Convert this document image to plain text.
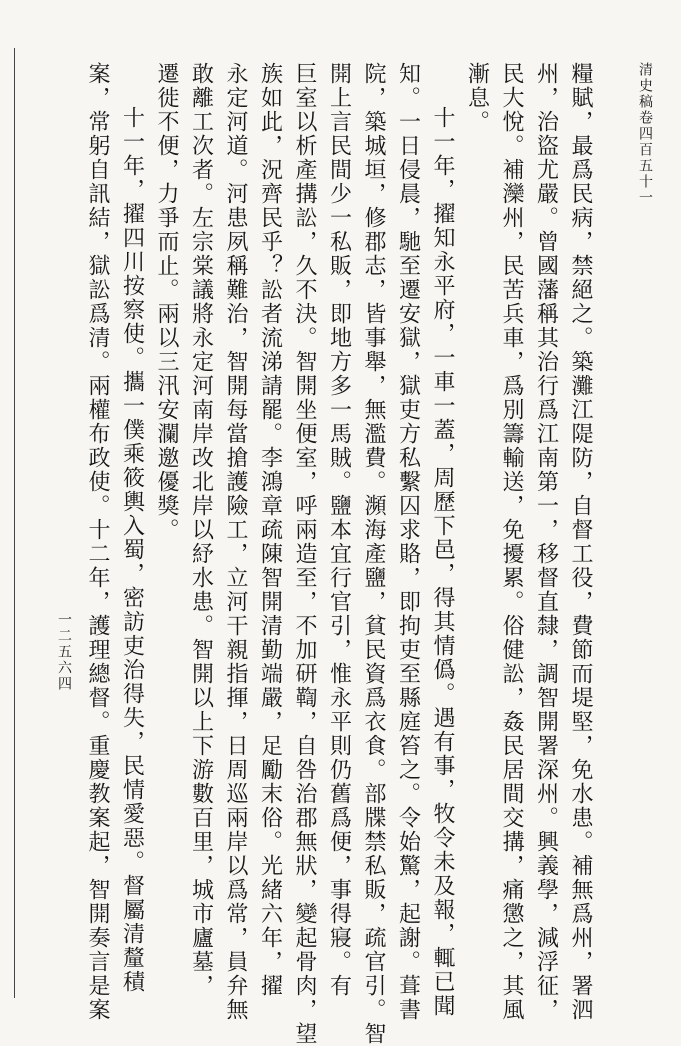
清史稿卷四百五十一
一二五六四	糧賦，最爲民病，禁絕之。築灘江隄防，自督工役，費節而堤堅，免水患。補無爲州，署泗
州，治盜尤嚴。曾國藩稱其治行爲江南第一，移督直隸，調智開署深州。興義學，減浮征，
民大悅。補灤州，民苦兵車，爲別籌輸送，免擾累。俗健訟，姦民居間交搆，痛懲之，其風
漸息。
十一年，擢知永平府，一車一蓋，周歷下邑，得其情僞。遇有事，牧令未及報，輒已聞
知。一日侵晨，馳至遷安獄，獄吏方私繫囚求賂，即拘吏至縣庭笞之。令始驚，起謝。葺書
院，築城垣，修郡志，皆事舉，無濫費。瀕海產鹽，貧民資爲衣食。部牒禁私販，疏官引。智
開上言民間少一私販，即地方多一馬賊。鹽本宜行官引，惟永平則仍舊爲便，事得寢。有
巨室以析產搆訟，久不決。智開坐便室，呼兩造至，不加研鞫，自咎治郡無狀，變起骨肉，望
族如此，況齊民乎？訟者流涕請罷。李鴻章疏陳智開清勤端嚴，足勵末俗。光緒六年，擢
永定河道。河患夙稱難治，智開每當搶護險工，立河干親指揮，日周巡兩岸以爲常，員弁無
敢離工次者。左宗棠議將永定河南岸改北岸以紓水患。智開以上下游數百里，城市廬墓，
遷徙不便，力爭而止。兩以三汛安瀾邀優獎。
十一年，擢四川按察使。攜一僕乘筱輿入蜀，密訪吏治得失，民情愛惡。督屬清釐積
案，常躬自訊結，獄訟爲清。兩權布政使。十二年，護理總督。重慶教案起，智開奏言是案
